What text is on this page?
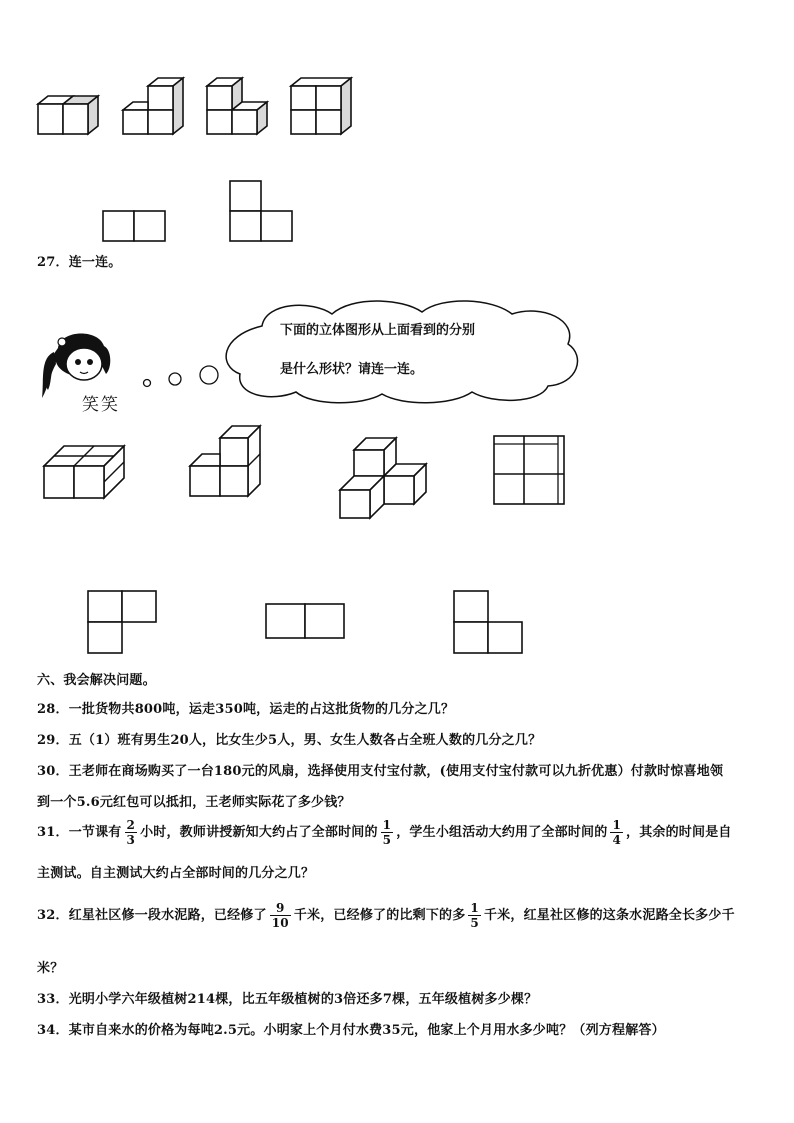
27．连一连。
笑笑
下面的立体图形从上面看到的分别
是什么形状？请连一连。
六、我会解决问题。
28．一批货物共800吨，运走350吨，运走的占这批货物的几分之几？
29．五（1）班有男生20人，比女生少5人，男、女生人数各占全班人数的几分之几？
30．王老师在商场购买了一台180元的风扇，选择使用支付宝付款，(使用支付宝付款可以九折优惠）付款时惊喜地领
到一个5.6元红包可以抵扣，王老师实际花了多少钱？
31．一节课有 $\frac{2}{3}$ 小时，教师讲授新知大约占了全部时间的 $\frac{1}{5}$ ，学生小组活动大约用了全部时间的 $\frac{1}{4}$ ，其余的时间是自
主测试。自主测试大约占全部时间的几分之几？
32．红星社区修一段水泥路，已经修了 $\frac{9}{10}$ 千米，已经修了的比剩下的多 $\frac{1}{5}$ 千米，红星社区修的这条水泥路全长多少千
米？
33．光明小学六年级植树214棵，比五年级植树的3倍还多7棵，五年级植树多少棵？
34．某市自来水的价格为每吨2.5元。小明家上个月付水费35元，他家上个月用水多少吨？（列方程解答）
